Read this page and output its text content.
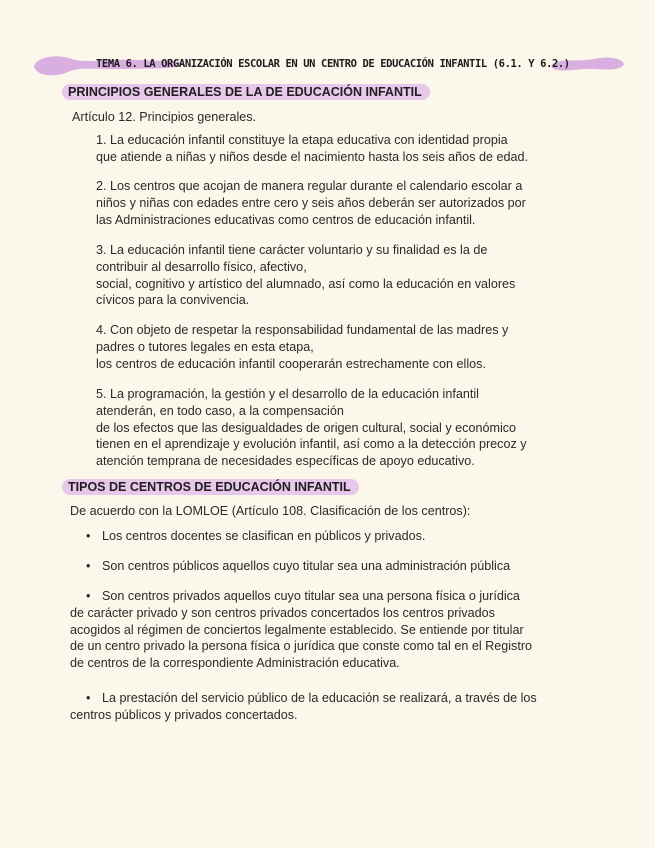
TEMA 6. LA ORGANIZACIÓN ESCOLAR EN UN CENTRO DE EDUCACIÓN INFANTIL (6.1. Y 6.2.)
PRINCIPIOS GENERALES DE LA DE EDUCACIÓN INFANTIL
Artículo 12. Principios generales.
1. La educación infantil constituye la etapa educativa con identidad propia
que atiende a niñas y niños desde el nacimiento hasta los seis años de edad.
2. Los centros que acojan de manera regular durante el calendario escolar a
niños y niñas con edades entre cero y seis años deberán ser autorizados por
las Administraciones educativas como centros de educación infantil.
3. La educación infantil tiene carácter voluntario y su finalidad es la de
contribuir al desarrollo físico, afectivo,
social, cognitivo y artístico del alumnado, así como la educación en valores
cívicos para la convivencia.
4. Con objeto de respetar la responsabilidad fundamental de las madres y
padres o tutores legales en esta etapa,
los centros de educación infantil cooperarán estrechamente con ellos.
5. La programación, la gestión y el desarrollo de la educación infantil
atenderán, en todo caso, a la compensación
de los efectos que las desigualdades de origen cultural, social y económico
tienen en el aprendizaje y evolución infantil, así como a la detección precoz y
atención temprana de necesidades específicas de apoyo educativo.
TIPOS DE CENTROS DE EDUCACIÓN INFANTIL
De acuerdo con la LOMLOE (Artículo 108. Clasificación de los centros):
• Los centros docentes se clasifican en públicos y privados.
• Son centros públicos aquellos cuyo titular sea una administración pública
• Son centros privados aquellos cuyo titular sea una persona física o jurídica
de carácter privado y son centros privados concertados los centros privados
acogidos al régimen de conciertos legalmente establecido. Se entiende por titular
de un centro privado la persona física o jurídica que conste como tal en el Registro
de centros de la correspondiente Administración educativa.
• La prestación del servicio público de la educación se realizará, a través de los
centros públicos y privados concertados.
